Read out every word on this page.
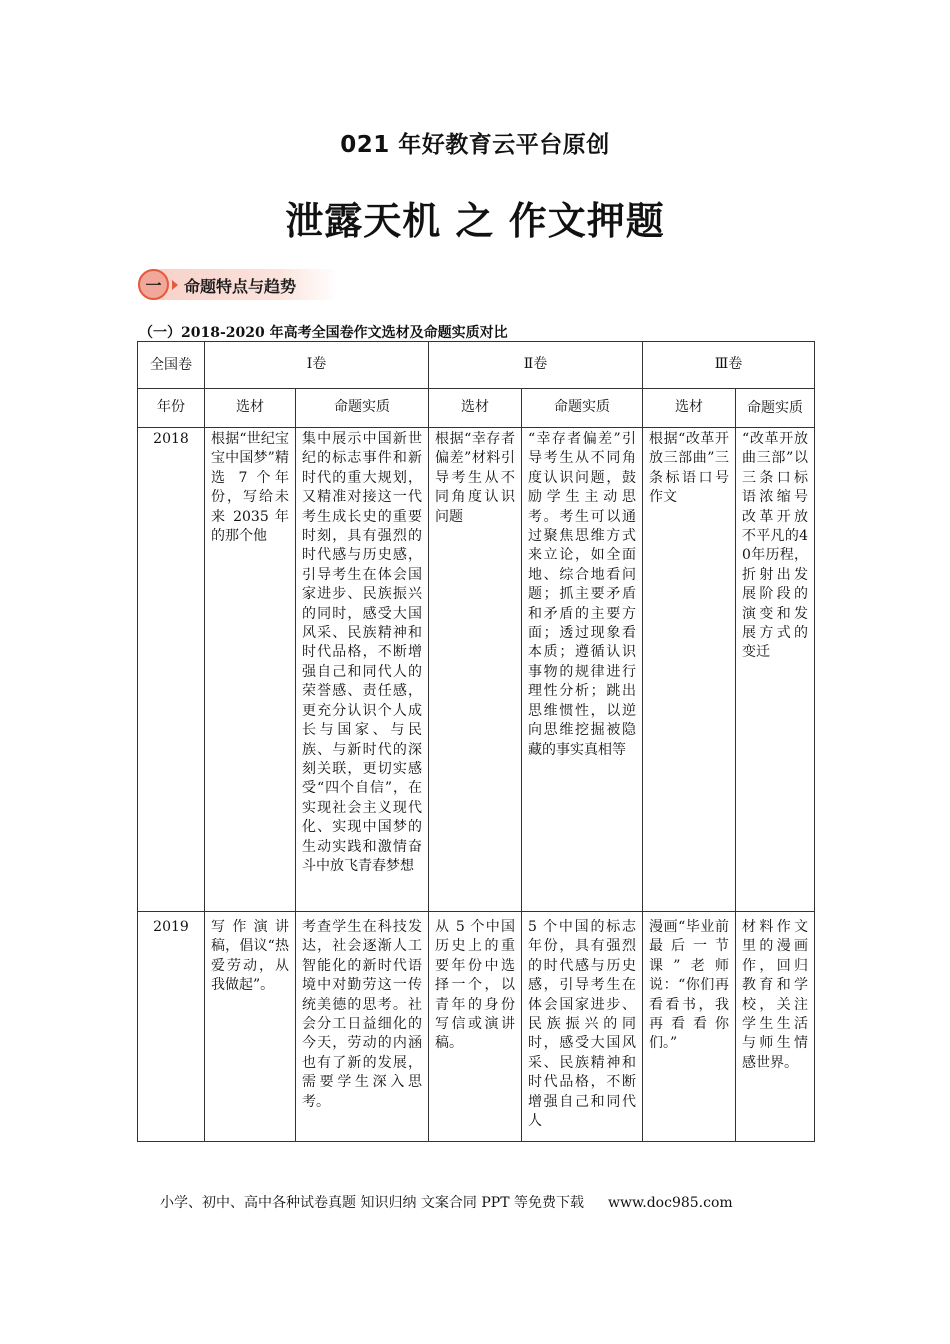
021 年好教育云平台原创
泄露天机 之 作文押题
一	命题特点与趋势
（一）2018-2020 年高考全国卷作文选材及命题实质对比
全国卷	Ⅰ卷		Ⅱ卷		Ⅲ卷	
年份	选材	命题实质	选材	命题实质	选材	命题实质
2018	根据“世纪宝宝中国梦”精选 7 个年份，写给未来 2035 年的那个他	集中展示中国新世纪的标志事件和新时代的重大规划，又精准对接这一代考生成长史的重要时刻，具有强烈的时代感与历史感，引导考生在体会国家进步、民族振兴的同时，感受大国风采、民族精神和时代品格，不断增强自己和同代人的荣誉感、责任感，更充分认识个人成长与国家、与民族、与新时代的深刻关联，更切实感受“四个自信”，在实现社会主义现代化、实现中国梦的生动实践和激情奋斗中放飞青春梦想	根据“幸存者偏差”材料引导考生从不同角度认识问题	“幸存者偏差”引导考生从不同角度认识问题，鼓励学生主动思考。考生可以通过聚焦思维方式来立论，如全面地、综合地看问题；抓主要矛盾和矛盾的主要方面；透过现象看本质；遵循认识事物的规律进行理性分析；跳出思维惯性，以逆向思维挖掘被隐藏的事实真相等	根据“改革开放三部曲”三条标语口号作文	“改革开放曲三部”以三条口标语浓缩号改革开放不平凡的40年历程，折射出发展阶段的演变和发展方式的变迁
2019	写作演讲稿，倡议“热爱劳动，从我做起”。	考查学生在科技发达，社会逐渐人工智能化的新时代语境中对勤劳这一传统美德的思考。社会分工日益细化的今天，劳动的内涵也有了新的发展，需要学生深入思考。	从 5 个中国历史上的重要年份中选择一个，以青年的身份写信或演讲稿。	5 个中国的标志年份，具有强烈的时代感与历史感，引导考生在体会国家进步、民族振兴的同时，感受大国风采、民族精神和时代品格，不断增强自己和同代人	漫画“毕业前最后一节课”老师说：“你们再看看书，我再看看你们。”	材料作文里的漫画作，回归教育和学校，关注学生生活与师生情感世界。
小学、初中、高中各种试卷真题 知识归纳 文案合同 PPT 等免费下载 www.doc985.com
